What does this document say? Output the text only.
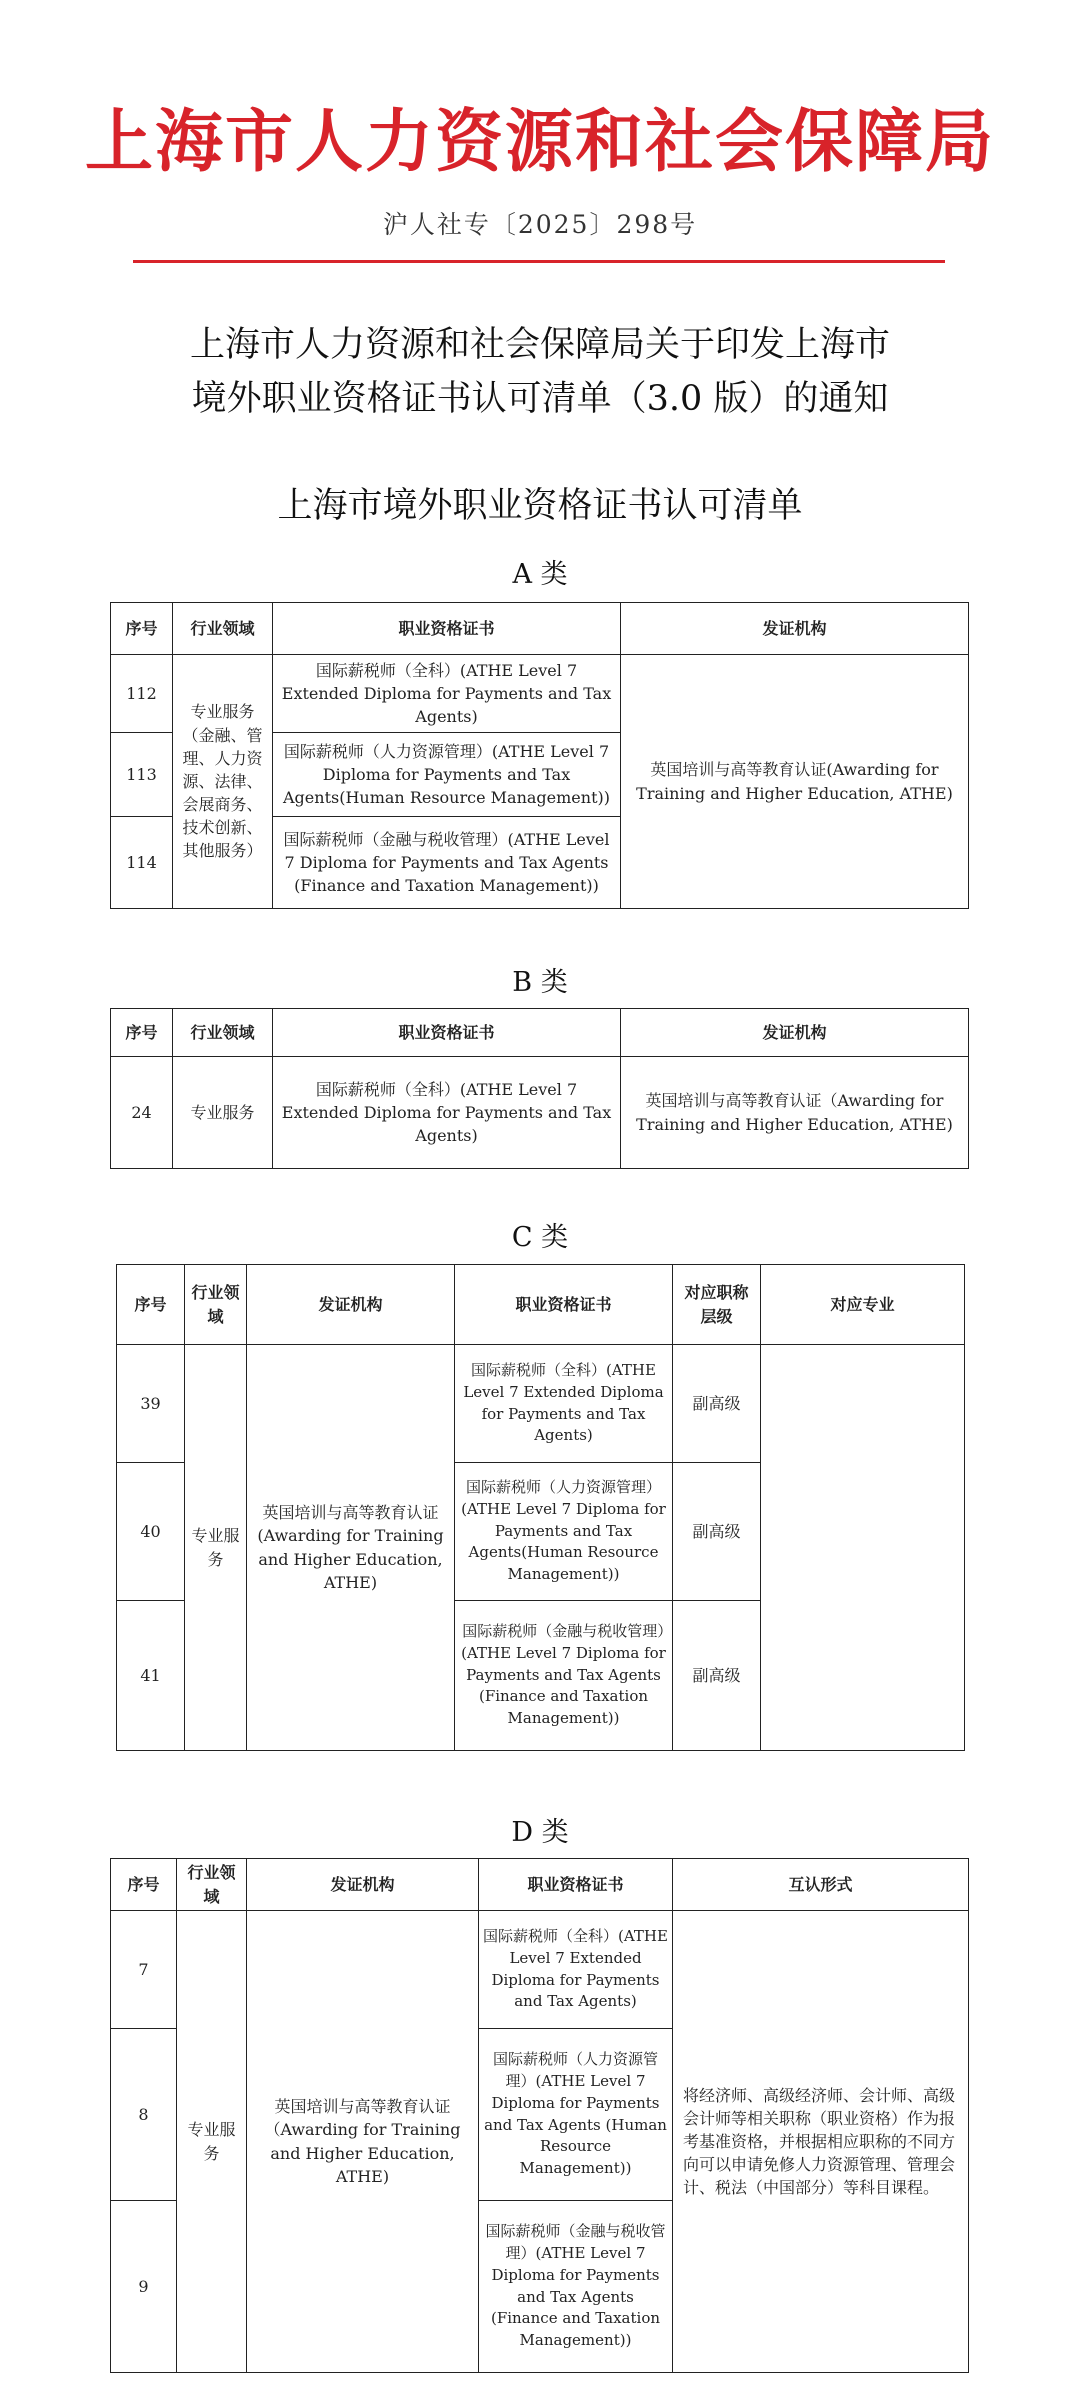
上海市人力资源和社会保障局
沪人社专〔2025〕298号
上海市人力资源和社会保障局关于印发上海市
境外职业资格证书认可清单（3.0 版）的通知
上海市境外职业资格证书认可清单
A 类
序号	行业领域	职业资格证书	发证机构
112	专业服务（金融、管理、人力资源、法律、会展商务、技术创新、其他服务）	国际薪税师（全科）(ATHE Level 7 Extended Diploma for Payments and Tax Agents)	英国培训与高等教育认证(Awarding for Training and Higher Education, ATHE)
113		国际薪税师（人力资源管理）(ATHE Level 7 Diploma for Payments and Tax Agents(Human Resource Management))	
114		国际薪税师（金融与税收管理）(ATHE Level 7 Diploma for Payments and Tax Agents (Finance and Taxation Management))	
B 类
序号	行业领域	职业资格证书	发证机构
24	专业服务	国际薪税师（全科）(ATHE Level 7 Extended Diploma for Payments and Tax Agents)	英国培训与高等教育认证（Awarding for Training and Higher Education, ATHE)
C 类
序号	行业领域	发证机构	职业资格证书	对应职称层级	对应专业
39	专业服务	英国培训与高等教育认证(Awarding for Training and Higher Education, ATHE)	国际薪税师（全科）(ATHE Level 7 Extended Diploma for Payments and Tax Agents)	副高级	
40			国际薪税师（人力资源管理）(ATHE Level 7 Diploma for Payments and Tax Agents(Human Resource Management))	副高级	
41			国际薪税师（金融与税收管理）(ATHE Level 7 Diploma for Payments and Tax Agents (Finance and Taxation Management))	副高级	
D 类
序号	行业领域	发证机构	职业资格证书	互认形式
7	专业服务	英国培训与高等教育认证（Awarding for Training and Higher Education, ATHE)	国际薪税师（全科）(ATHE Level 7 Extended Diploma for Payments and Tax Agents)	将经济师、高级经济师、会计师、高级会计师等相关职称（职业资格）作为报考基准资格，并根据相应职称的不同方向可以申请免修人力资源管理、管理会计、税法（中国部分）等科目课程。
8			国际薪税师（人力资源管理）(ATHE Level 7 Diploma for Payments and Tax Agents (Human Resource Management))	
9			国际薪税师（金融与税收管理）(ATHE Level 7 Diploma for Payments and Tax Agents (Finance and Taxation Management))	
